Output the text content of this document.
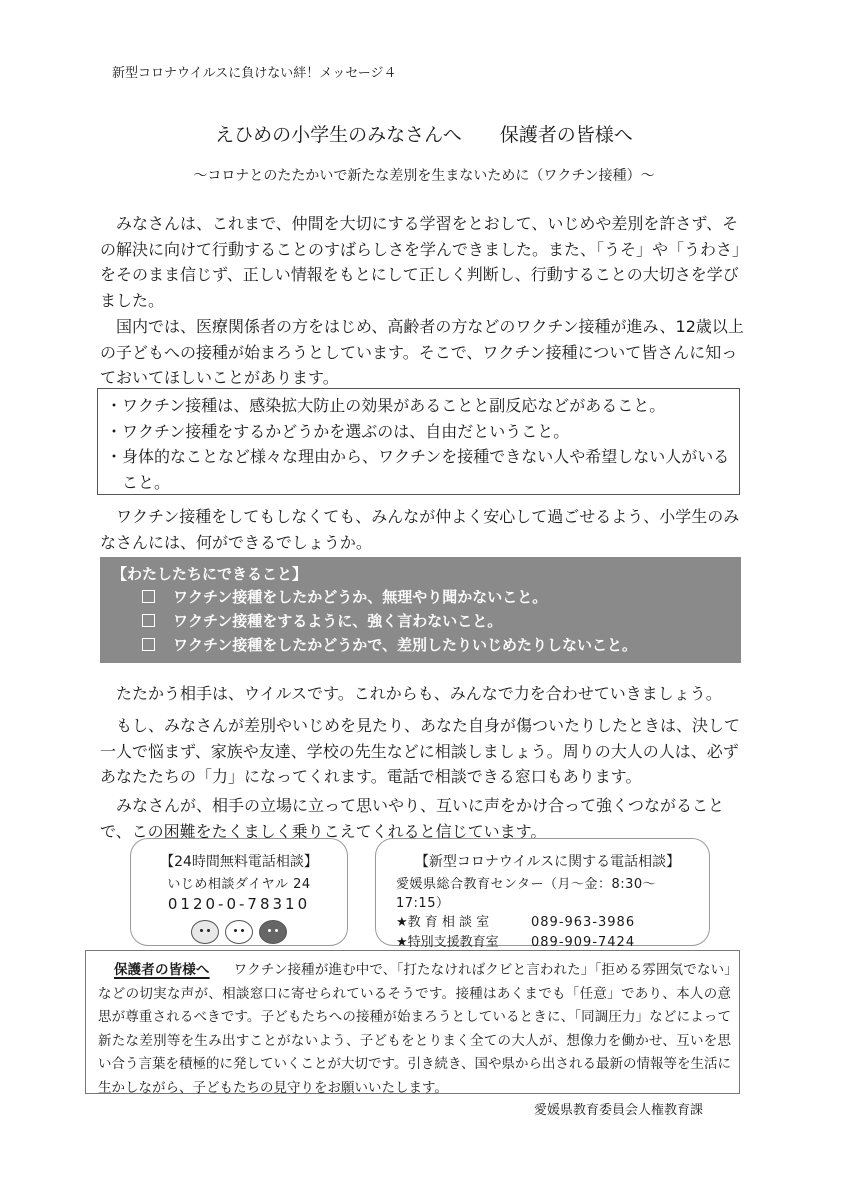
新型コロナウイルスに負けない絆！メッセージ４
えひめの小学生のみなさんへ 保護者の皆様へ
～コロナとのたたかいで新たな差別を生まないために（ワクチン接種）～

みなさんは、これまで、仲間を大切にする学習をとおして、いじめや差別を許さず、その解決に向けて行動することのすばらしさを学んできました。また、「うそ」や「うわさ」をそのまま信じず、正しい情報をもとにして正しく判断し、行動することの大切さを学びました。

国内では、医療関係者の方をはじめ、高齢者の方などのワクチン接種が進み、12歳以上の子どもへの接種が始まろうとしています。そこで、ワクチン接種について皆さんに知っておいてほしいことがあります。

・ワクチン接種は、感染拡大防止の効果があることと副反応などがあること。
・ワクチン接種をするかどうかを選ぶのは、自由だということ。
・身体的なことなど様々な理由から、ワクチンを接種できない人や希望しない人がいること。

ワクチン接種をしてもしなくても、みんなが仲よく安心して過ごせるよう、小学生のみなさんには、何ができるでしょうか。

【わたしたちにできること】
ワクチン接種をしたかどうか、無理やり聞かないこと。
ワクチン接種をするように、強く言わないこと。
ワクチン接種をしたかどうかで、差別したりいじめたりしないこと。

たたかう相手は、ウイルスです。これからも、みんなで力を合わせていきましょう。

もし、みなさんが差別やいじめを見たり、あなた自身が傷ついたりしたときは、決して一人で悩まず、家族や友達、学校の先生などに相談しましょう。周りの大人の人は、必ずあなたたちの「力」になってくれます。電話で相談できる窓口もあります。

みなさんが、相手の立場に立って思いやり、互いに声をかけ合って強くつながることで、この困難をたくましく乗りこえてくれると信じています。

【24時間無料電話相談】
いじめ相談ダイヤル 24
0120-0-78310
【新型コロナウイルスに関する電話相談】
愛媛県総合教育センター（月～金：8:30～17:15）
★教 育 相 談 室	089-963-3986
★特別支援教育室	089-909-7424
保護者の皆様へ ワクチン接種が進む中で、「打たなければクビと言われた」「拒める雰囲気でない」などの切実な声が、相談窓口に寄せられているそうです。接種はあくまでも「任意」であり、本人の意思が尊重されるべきです。子どもたちへの接種が始まろうとしているときに、「同調圧力」などによって新たな差別等を生み出すことがないよう、子どもをとりまく全ての大人が、想像力を働かせ、互いを思い合う言葉を積極的に発していくことが大切です。引き続き、国や県から出される最新の情報等を生活に生かしながら、子どもたちの見守りをお願いいたします。
愛媛県教育委員会人権教育課
